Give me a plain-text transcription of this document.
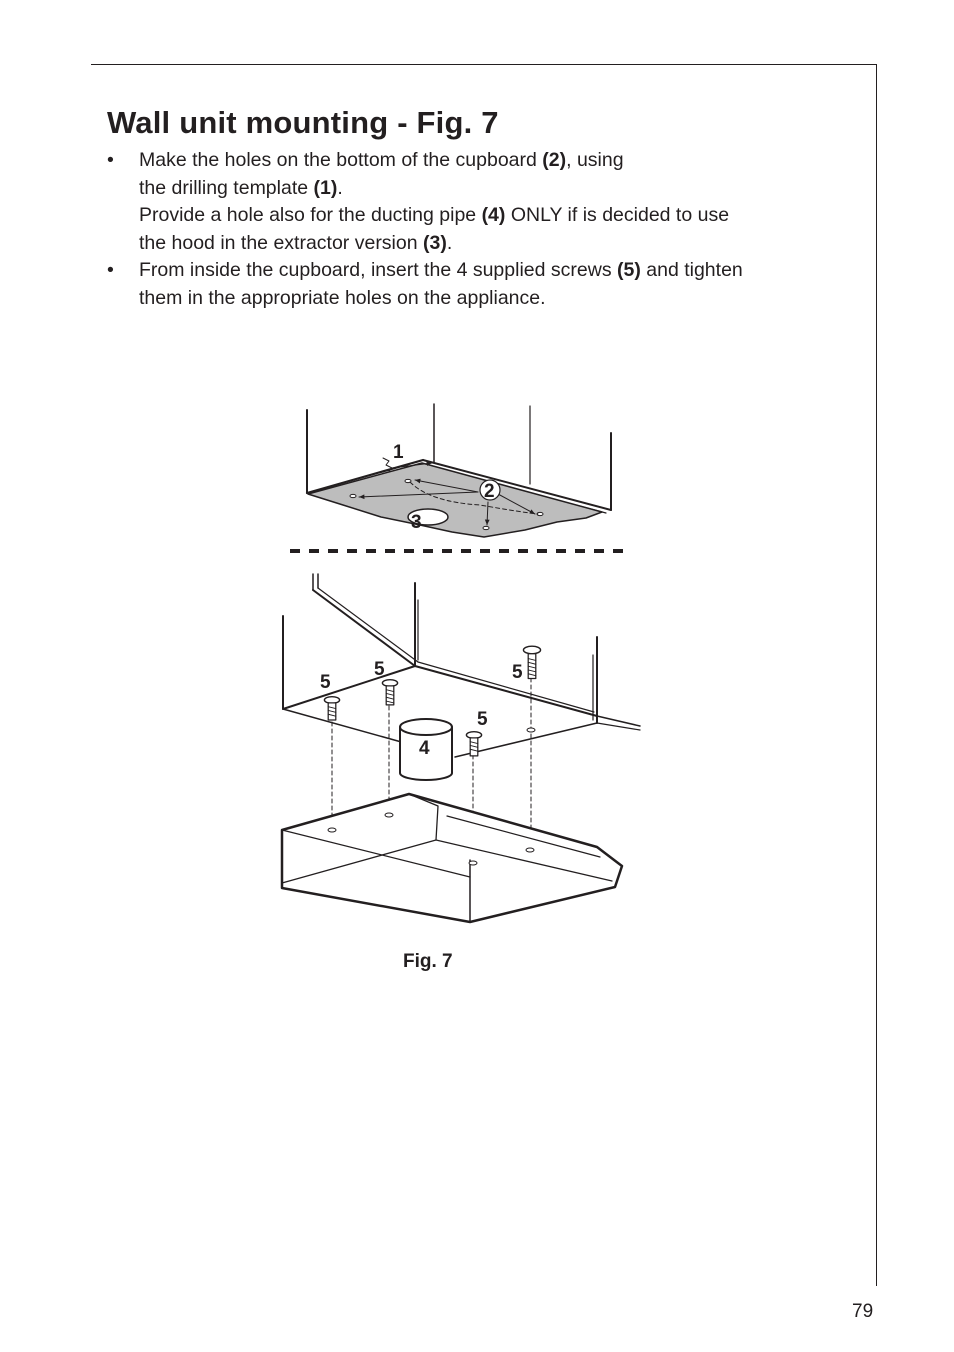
Wall unit mounting - Fig. 7
• Make the holes on the bottom of the cupboard (2), using
the drilling template (1).
Provide a hole also for the ducting pipe (4) ONLY if is decided to use
the hood in the extractor version (3).
• From inside the cupboard, insert the 4 supplied screws (5) and tighten
them in the appropriate holes on the appliance.
1
2
3
4
5
5	5
5
Fig. 7
79
